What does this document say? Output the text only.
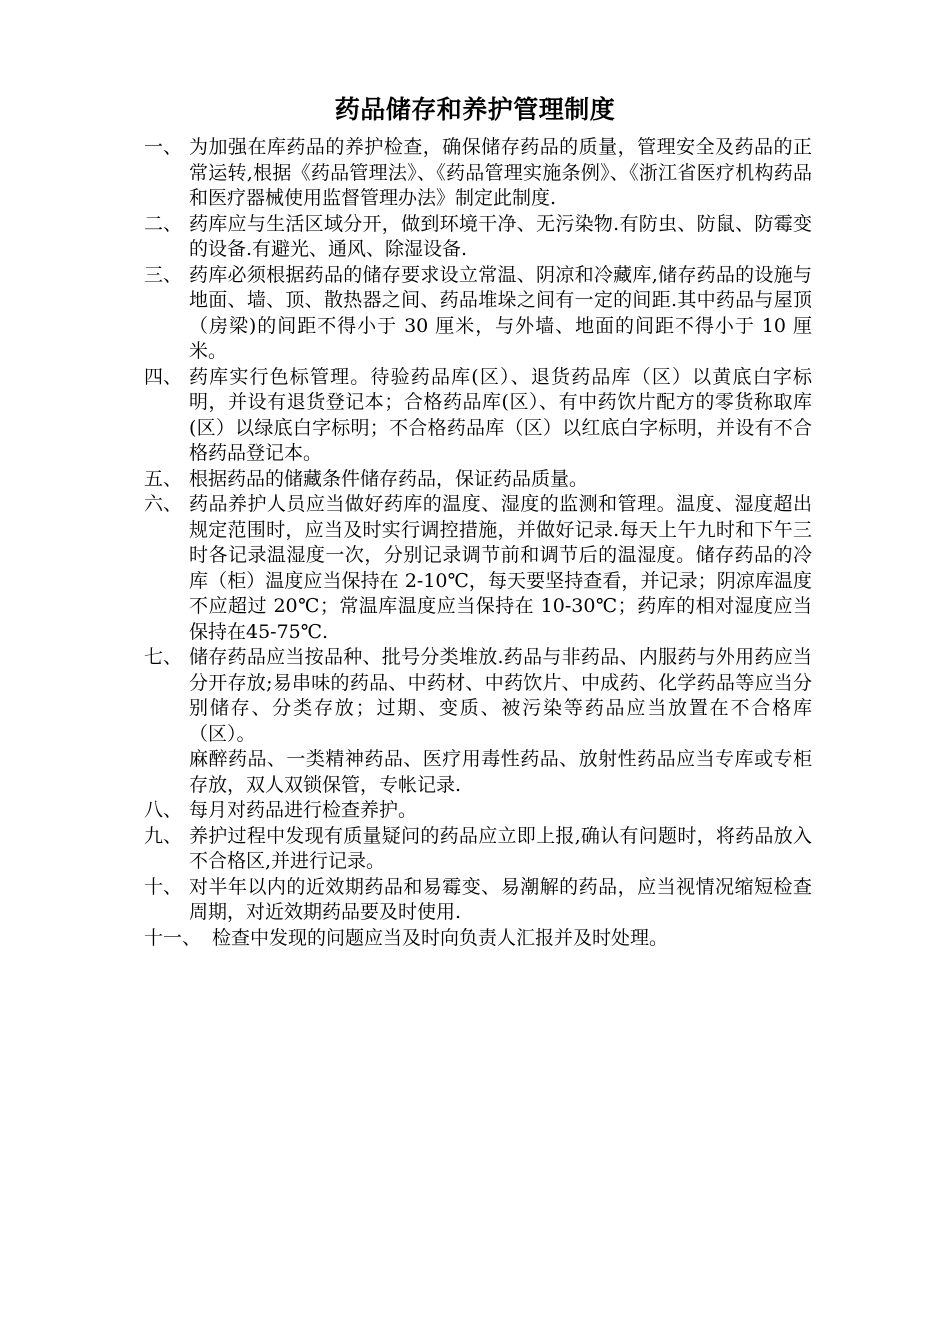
药品储存和养护管理制度
一、 为加强在库药品的养护检查，确保储存药品的质量，管理安全及药品的正常运转,根据《药品管理法》、《药品管理实施条例》、《浙江省医疗机构药品和医疗器械使用监督管理办法》制定此制度.
二、 药库应与生活区域分开，做到环境干净、无污染物.有防虫、防鼠、防霉变的设备.有避光、通风、除湿设备.
三、 药库必须根据药品的储存要求设立常温、阴凉和冷藏库,储存药品的设施与地面、墙、顶、散热器之间、药品堆垛之间有一定的间距.其中药品与屋顶（房梁)的间距不得小于 30 厘米，与外墙、地面的间距不得小于 10 厘米。
四、 药库实行色标管理。待验药品库(区）、退货药品库（区）以黄底白字标明，并设有退货登记本；合格药品库(区）、有中药饮片配方的零货称取库(区）以绿底白字标明；不合格药品库（区）以红底白字标明，并设有不合格药品登记本。
五、 根据药品的储藏条件储存药品，保证药品质量。
六、 药品养护人员应当做好药库的温度、湿度的监测和管理。温度、湿度超出规定范围时，应当及时实行调控措施，并做好记录.每天上午九时和下午三时各记录温湿度一次，分别记录调节前和调节后的温湿度。储存药品的冷库（柜）温度应当保持在 2-10℃，每天要坚持查看，并记录；阴凉库温度不应超过 20℃；常温库温度应当保持在 10-30℃；药库的相对湿度应当保持在45-75℃.
七、 储存药品应当按品种、批号分类堆放.药品与非药品、内服药与外用药应当分开存放;易串味的药品、中药材、中药饮片、中成药、化学药品等应当分别储存、分类存放；过期、变质、被污染等药品应当放置在不合格库（区）。
麻醉药品、一类精神药品、医疗用毒性药品、放射性药品应当专库或专柜存放，双人双锁保管，专帐记录.
八、 每月对药品进行检查养护。
九、 养护过程中发现有质量疑问的药品应立即上报,确认有问题时，将药品放入不合格区,并进行记录。
十、 对半年以内的近效期药品和易霉变、易潮解的药品，应当视情况缩短检查周期，对近效期药品要及时使用.
十一、 检查中发现的问题应当及时向负责人汇报并及时处理。
